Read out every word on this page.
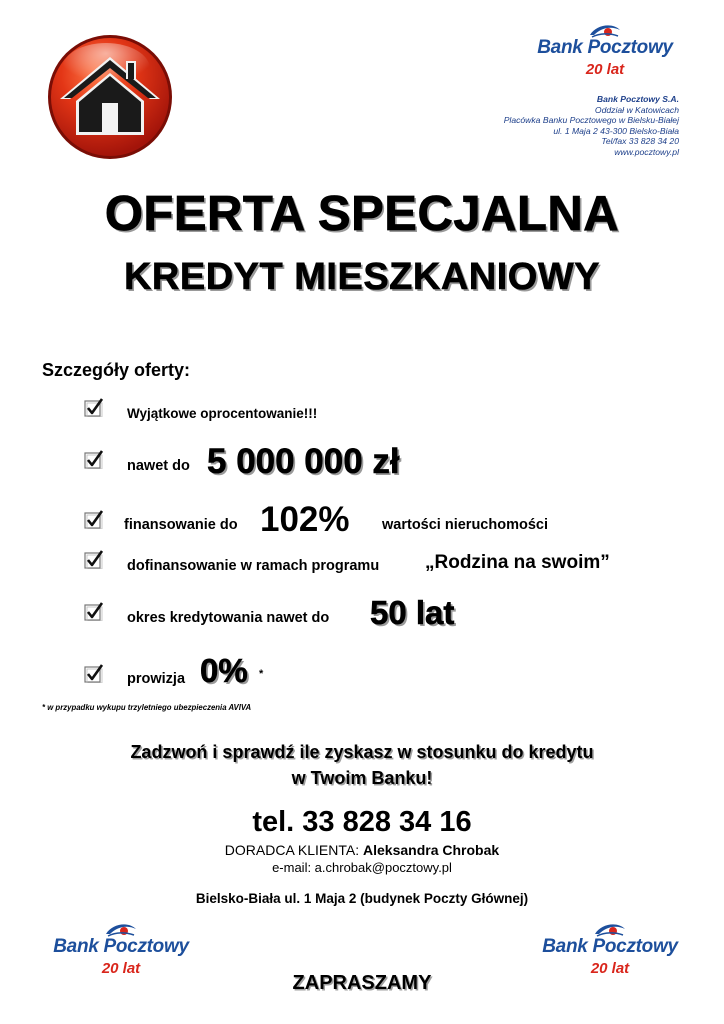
Bank Pocztowy
20 lat
Bank Pocztowy S.A.
Oddział w Katowicach
Placówka Banku Pocztowego w Bielsku-Białej
ul. 1 Maja 2 43-300 Bielsko-Biała
Tel/fax 33 828 34 20
www.pocztowy.pl
OFERTA SPECJALNA
KREDYT MIESZKANIOWY
Szczegóły oferty:
Wyjątkowe oprocentowanie!!!
nawet do 5 000 000 zł
finansowanie do 102% wartości nieruchomości
dofinansowanie w ramach programu „Rodzina na swoim”
okres kredytowania nawet do 50 lat
prowizja 0% *
* w przypadku wykupu trzyletniego ubezpieczenia AVIVA
Zadzwoń i sprawdź ile zyskasz w stosunku do kredytu
w Twoim Banku!
tel. 33 828 34 16
DORADCA KLIENTA: Aleksandra Chrobak
e-mail: a.chrobak@pocztowy.pl
Bielsko-Biała ul. 1 Maja 2 (budynek Poczty Głównej)
Bank Pocztowy
20 lat
Bank Pocztowy
20 lat
ZAPRASZAMY
